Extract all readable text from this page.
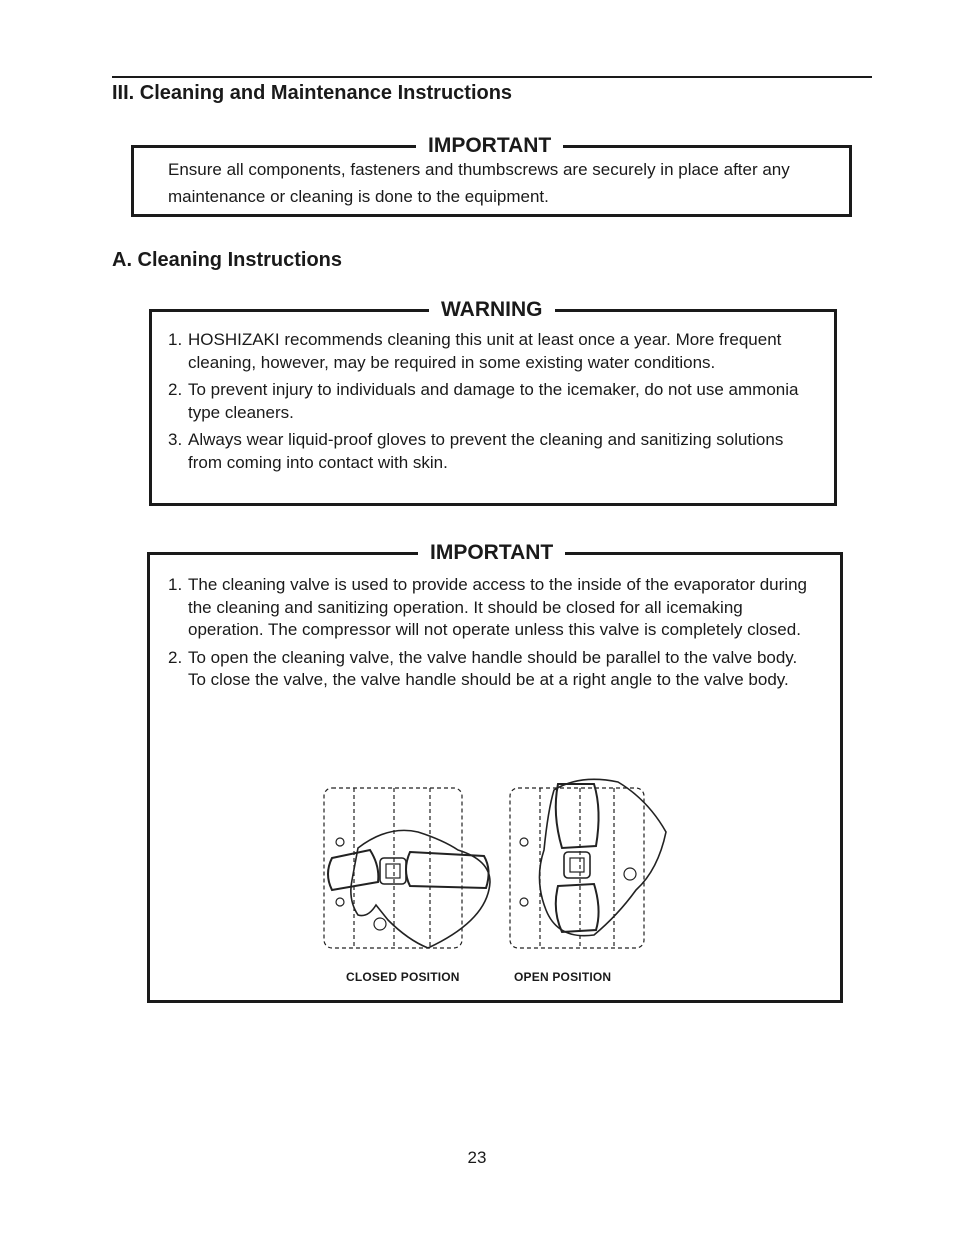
III. Cleaning and Maintenance Instructions
IMPORTANT
Ensure all components, fasteners and thumbscrews are securely in place after any maintenance or cleaning is done to the equipment.
A. Cleaning Instructions
WARNING
1. HOSHIZAKI recommends cleaning this unit at least once a year. More frequent cleaning, however, may be required in some existing water conditions.
2. To prevent injury to individuals and damage to the icemaker, do not use ammonia type cleaners.
3. Always wear liquid-proof gloves to prevent the cleaning and sanitizing solutions from coming into contact with skin.
IMPORTANT
1. The cleaning valve is used to provide access to the inside of the evaporator during the cleaning and sanitizing operation. It should be closed for all icemaking operation. The compressor will not operate unless this valve is completely closed.
2. To open the cleaning valve, the valve handle should be parallel to the valve body. To close the valve, the valve handle should be at a right angle to the valve body.
CLOSED POSITION	OPEN POSITION
23
